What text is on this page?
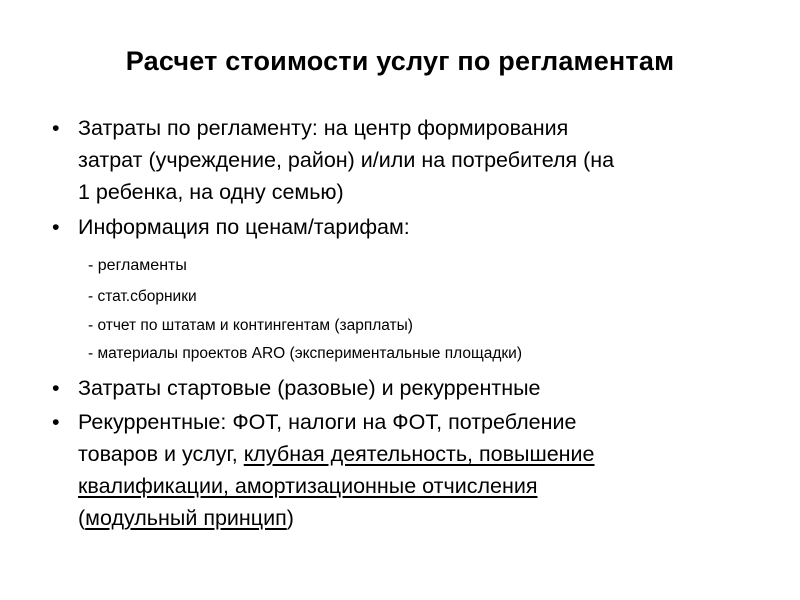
Расчет стоимости услуг по регламентам
• Затраты по регламенту: на центр формирования
затрат (учреждение, район) и/или на потребителя (на
1 ребенка, на одну семью)
• Информация по ценам/тарифам:
- регламенты
- стат.сборники
- отчет по штатам и контингентам (зарплаты)
- материалы проектов ARO (экспериментальные площадки)
• Затраты стартовые (разовые) и рекуррентные
• Рекуррентные: ФОТ, налоги на ФОТ, потребление
товаров и услуг, клубная деятельность, повышение
квалификации, амортизационные отчисления
(модульный принцип)
